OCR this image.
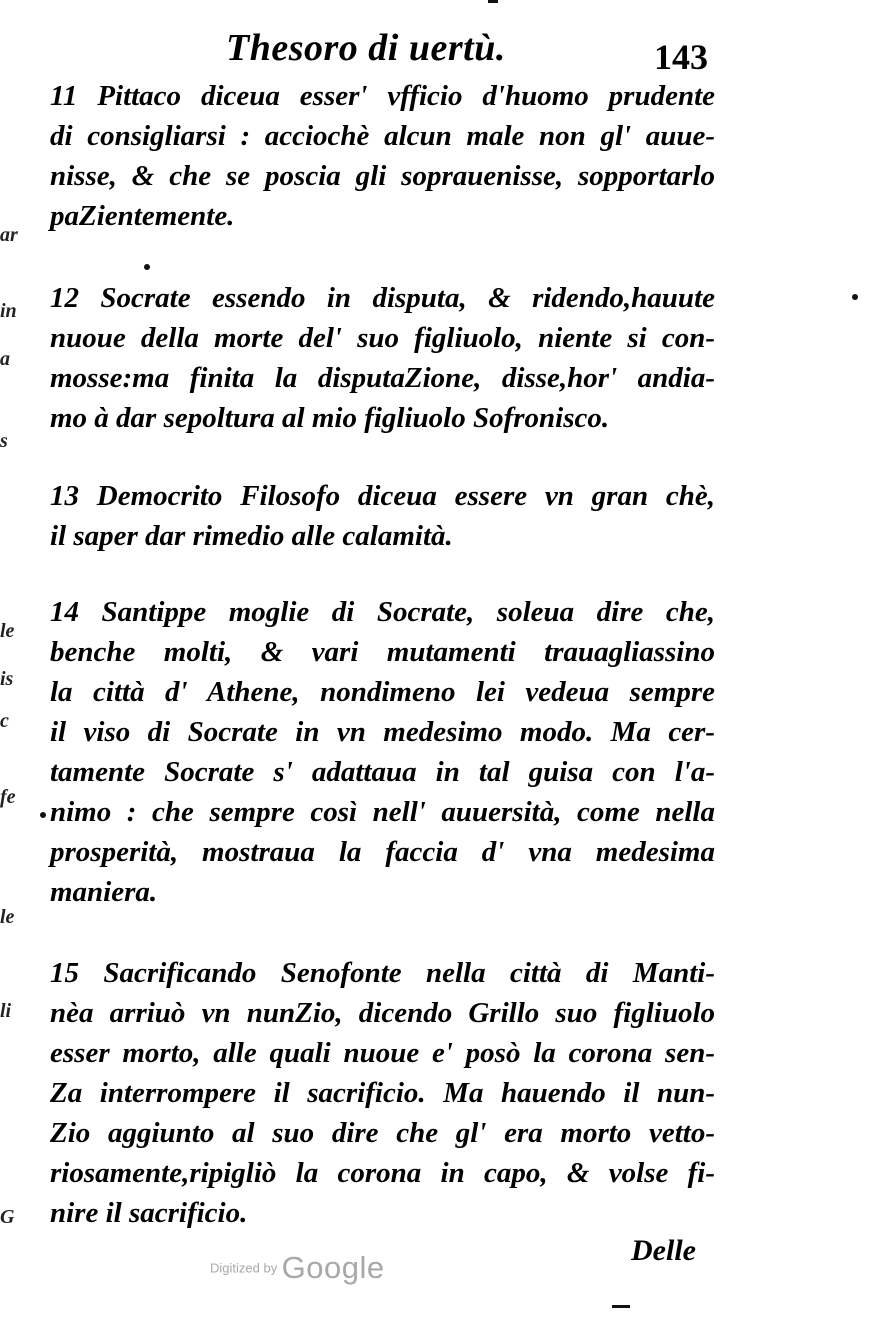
Thesoro di uertù.	143
11 Pittaco diceua esser' vfficio d'huomo prudente
di consigliarsi : acciochè alcun male non gl' auue-
nisse, & che se poscia gli soprauenisse, sopportarlo
paZientemente.
12 Socrate essendo in disputa, & ridendo,hauute
nuoue della morte del' suo figliuolo, niente si con-
mosse:ma finita la disputaZione, disse,hor' andia-
mo à dar sepoltura al mio figliuolo Sofronisco.
13 Democrito Filosofo diceua essere vn gran chè,
il saper dar rimedio alle calamità.
14 Santippe moglie di Socrate, soleua dire che,
benche molti, & vari mutamenti trauagliassino
la città d' Athene, nondimeno lei vedeua sempre
il viso di Socrate in vn medesimo modo. Ma cer-
tamente Socrate s' adattaua in tal guisa con l'a-
nimo : che sempre così nell' auuersità, come nella
prosperità, mostraua la faccia d' vna medesima
maniera.
15 Sacrificando Senofonte nella città di Manti-
nèa arriuò vn nunZio, dicendo Grillo suo figliuolo
esser morto, alle quali nuoue e' posò la corona sen-
Za interrompere il sacrificio. Ma hauendo il nun-
Zio aggiunto al suo dire che gl' era morto vetto-
riosamente,ripigliò la corona in capo, & volse fi-
nire il sacrificio.
Delle
Digitized by Google
ar
in
a
s
le
is
c
fe
le
li
G
